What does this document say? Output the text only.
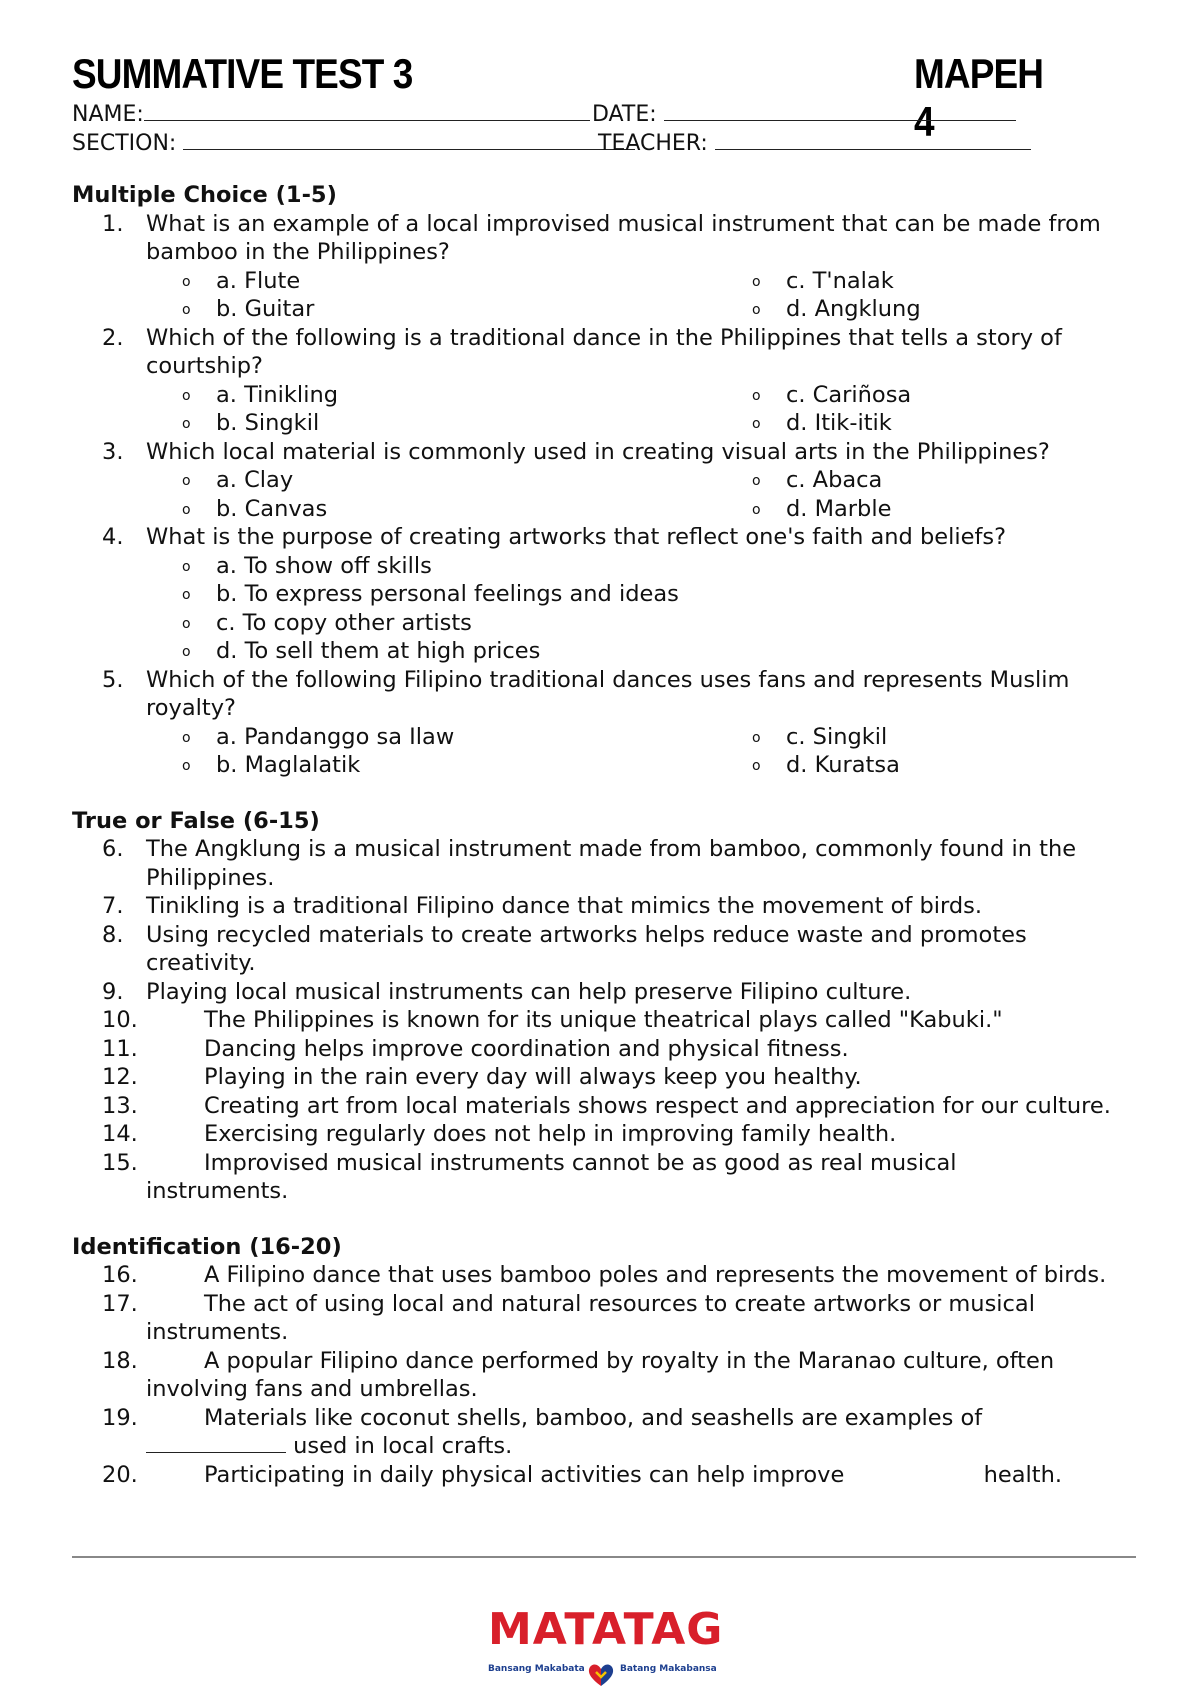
SUMMATIVE TEST 3	MAPEH 4
NAME:	DATE:
SECTION:	TEACHER:
Multiple Choice (1-5)
1. What is an example of a local improvised musical instrument that can be made from bamboo in the Philippines?
o a. Flute	o c. T'nalak
o b. Guitar	o d. Angklung
2. Which of the following is a traditional dance in the Philippines that tells a story of courtship?
o a. Tinikling	o c. Cariñosa
o b. Singkil	o d. Itik-itik
3. Which local material is commonly used in creating visual arts in the Philippines?
o a. Clay	o c. Abaca
o b. Canvas	o d. Marble
4. What is the purpose of creating artworks that reflect one's faith and beliefs?
o a. To show off skills
o b. To express personal feelings and ideas
o c. To copy other artists
o d. To sell them at high prices
5. Which of the following Filipino traditional dances uses fans and represents Muslim royalty?
o a. Pandanggo sa Ilaw	o c. Singkil
o b. Maglalatik	o d. Kuratsa
True or False (6-15)
6. The Angklung is a musical instrument made from bamboo, commonly found in the Philippines.
7. Tinikling is a traditional Filipino dance that mimics the movement of birds.
8. Using recycled materials to create artworks helps reduce waste and promotes creativity.
9. Playing local musical instruments can help preserve Filipino culture.
10.	The Philippines is known for its unique theatrical plays called "Kabuki."
11.	Dancing helps improve coordination and physical fitness.
12.	Playing in the rain every day will always keep you healthy.
13.	Creating art from local materials shows respect and appreciation for our culture.
14.	Exercising regularly does not help in improving family health.
15.	Improvised musical instruments cannot be as good as real musical instruments.
Identification (16-20)
16.	A Filipino dance that uses bamboo poles and represents the movement of birds.
17.	The act of using local and natural resources to create artworks or musical instruments.
18.	A popular Filipino dance performed by royalty in the Maranao culture, often involving fans and umbrellas.
19.	Materials like coconut shells, bamboo, and seashells are examples of  used in local crafts.
20.	Participating in daily physical activities can help improve	health.
MATATAG
Bansang Makabata	Batang Makabansa
